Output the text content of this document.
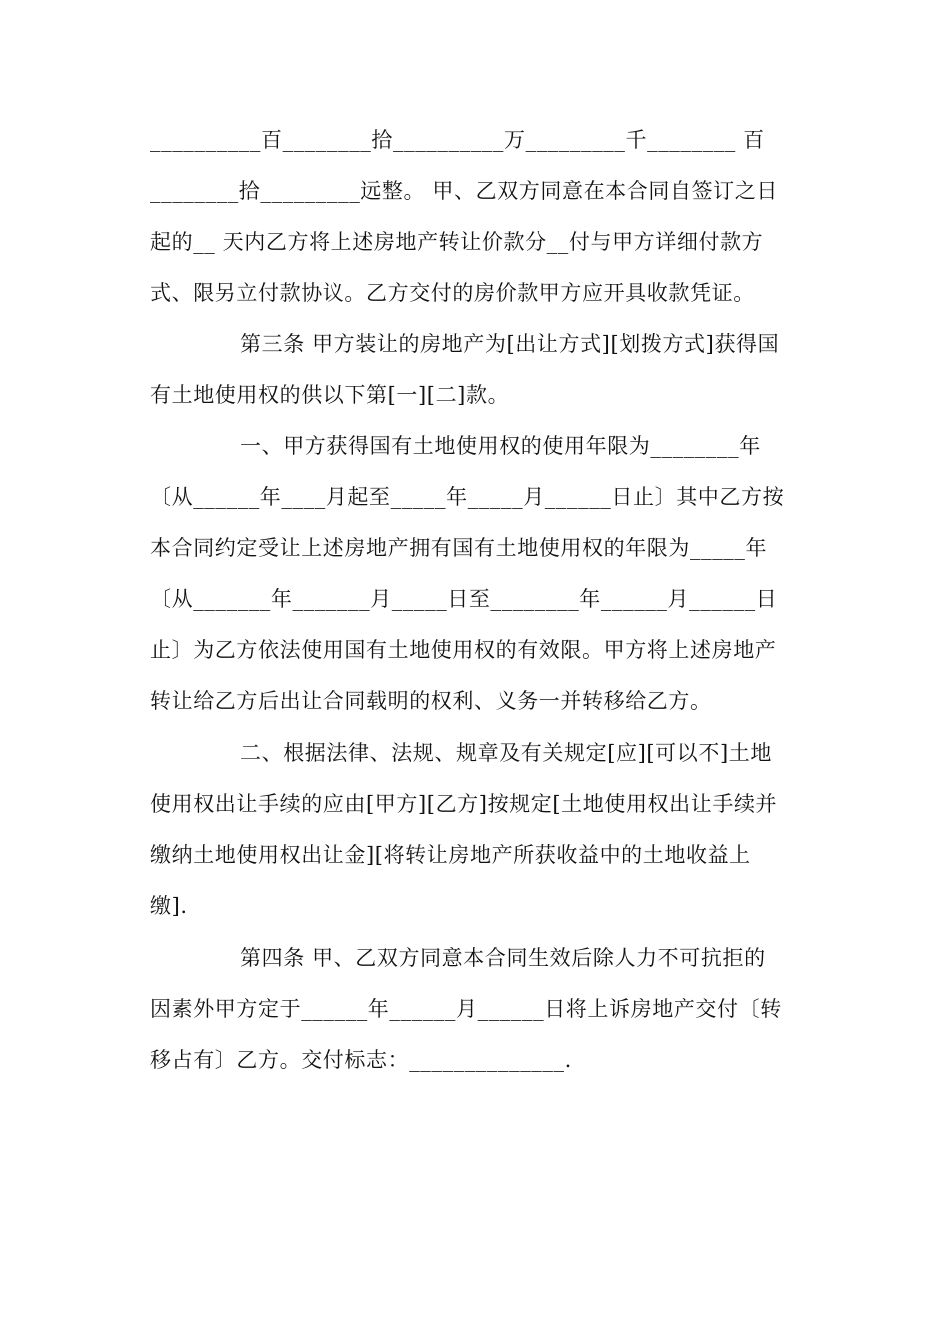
__________百________拾__________万_________千________ 百
________拾_________远整。 甲、乙双方同意在本合同自签订之日
起的__ 天内乙方将上述房地产转让价款分__付与甲方详细付款方
式、限另立付款协议。乙方交付的房价款甲方应开具收款凭证。
第三条 甲方装让的房地产为[出让方式][划拨方式]获得国
有土地使用权的供以下第[一][二]款。
一、甲方获得国有土地使用权的使用年限为________年
〔从______年____月起至_____年_____月______日止〕其中乙方按
本合同约定受让上述房地产拥有国有土地使用权的年限为_____年
〔从_______年_______月_____日至________年______月______日
止〕为乙方依法使用国有土地使用权的有效限。甲方将上述房地产
转让给乙方后出让合同载明的权利、义务一并转移给乙方。
二、根据法律、法规、规章及有关规定[应][可以不]土地
使用权出让手续的应由[甲方][乙方]按规定[土地使用权出让手续并
缴纳土地使用权出让金][将转让房地产所获收益中的土地收益上
缴].
第四条 甲、乙双方同意本合同生效后除人力不可抗拒的
因素外甲方定于______年______月______日将上诉房地产交付〔转
移占有〕乙方。交付标志：______________.
